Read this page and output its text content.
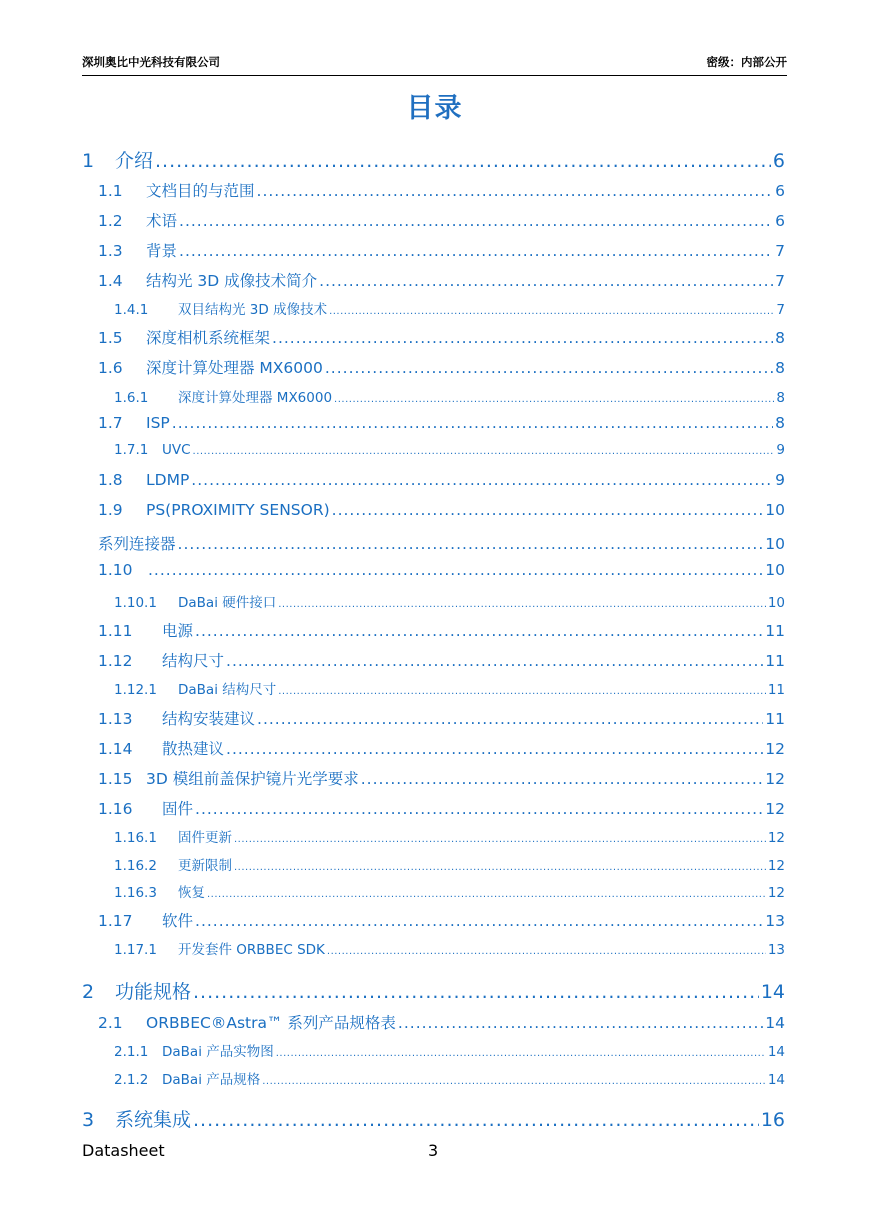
深圳奥比中光科技有限公司	密级：内部公开
目录
1	介绍 .....	6
1.1	文档目的与范围 .....	6
1.2	术语 .....	6
1.3	背景 .....	7
1.4	结构光 3D 成像技术简介 .....	7
1.4.1	双目结构光 3D 成像技术 .....	7
1.5	深度相机系统框架 .....	8
1.6	深度计算处理器 MX6000 .....	8
1.6.1	深度计算处理器 MX6000 .....	8
1.7	ISP .....	8
1.7.1	UVC .....	9
1.8	LDMP .....	9
1.9	PS(PROXIMITY SENSOR) .....	10
系列连接器 .....	10
1.10 .....	10
1.10.1	DaBai 硬件接口 .....	10
1.11	电源 .....	11
1.12	结构尺寸 .....	11
1.12.1	DaBai 结构尺寸 .....	11
1.13	结构安装建议 .....	11
1.14	散热建议 .....	12
1.15 3D 模组前盖保护镜片光学要求 .....	12
1.16	固件 .....	12
1.16.1	固件更新 .....	12
1.16.2	更新限制 .....	12
1.16.3	恢复 .....	12
1.17	软件 .....	13
1.17.1	开发套件 ORBBEC SDK .....	13
2	功能规格 .....	14
2.1	ORBBEC®Astra™ 系列产品规格表 .....	14
2.1.1	DaBai 产品实物图 .....	14
2.1.2	DaBai 产品规格 .....	14
3	系统集成 .....	16
Datasheet	3
